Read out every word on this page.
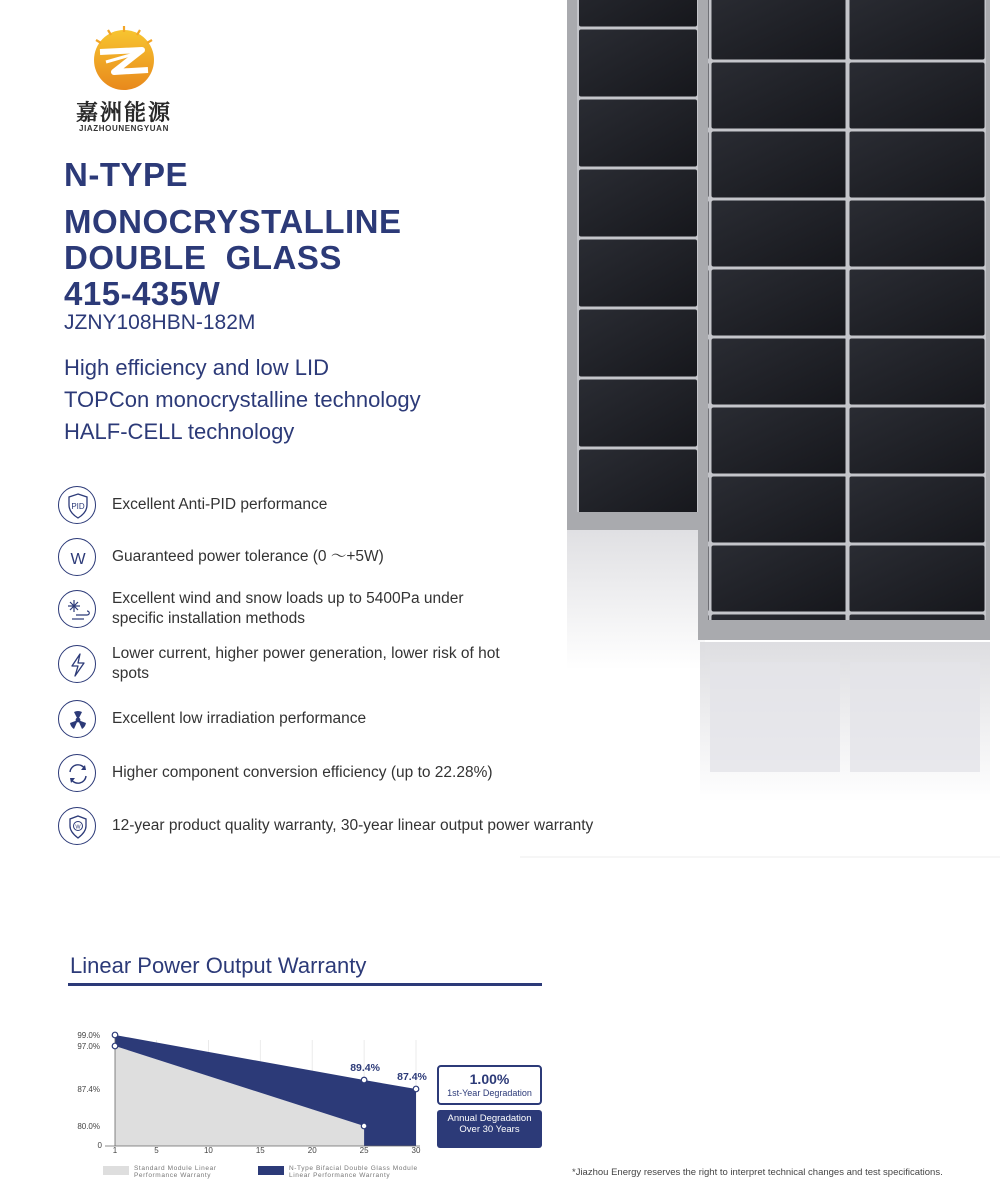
嘉洲能源
JIAZHOUNENGYUAN
N-TYPE
MONOCRYSTALLINE
DOUBLE  GLASS
415-435W
JZNY108HBN-182M
High efficiency and low LID
TOPCon monocrystalline technology
HALF-CELL technology
PID Excellent Anti-PID performance
W Guaranteed power tolerance (0 ～+5W)
Excellent wind and snow loads up to 5400Pa under specific installation methods
Lower current, higher power generation, lower risk of hot spots
Excellent low irradiation performance
Higher component conversion efficiency (up to 22.28%)
W 12-year product quality warranty, 30-year linear output power warranty
Linear Power Output Warranty
1	5	10	15	20	25	30
99.0%
97.0%
87.4%
80.0%
0
89.4%
87.4%
Standard Module Linear
Performance Warranty
N-Type Bifacial Double Glass Module
Linear Performance Warranty
1.00%
1st-Year Degradation
Annual Degradation
Over 30 Years
*Jiazhou Energy reserves the right to interpret technical changes and test specifications.
